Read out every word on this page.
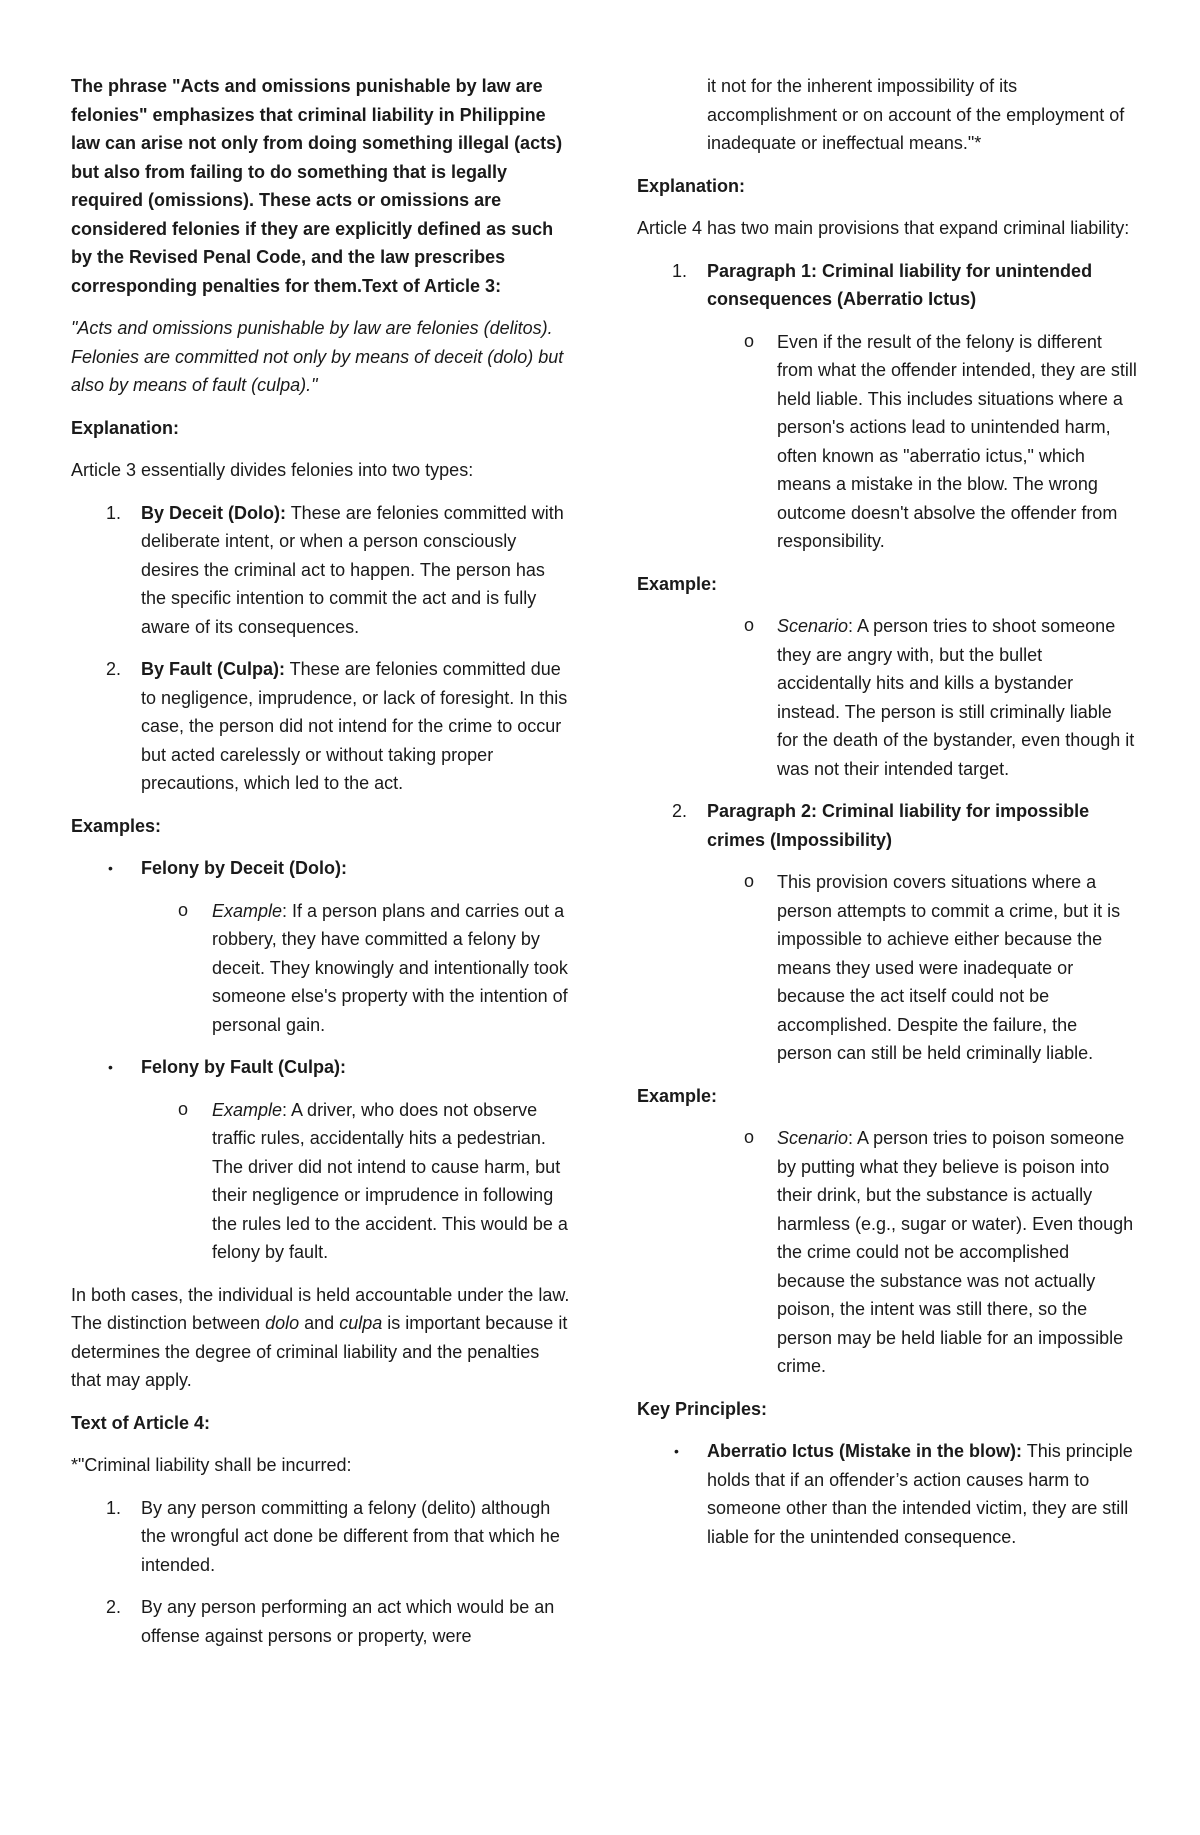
The phrase "Acts and omissions punishable by law are felonies" emphasizes that criminal liability in Philippine law can arise not only from doing something illegal (acts) but also from failing to do something that is legally required (omissions). These acts or omissions are considered felonies if they are explicitly defined as such by the Revised Penal Code, and the law prescribes corresponding penalties for them.Text of Article 3:

"Acts and omissions punishable by law are felonies (delitos). Felonies are committed not only by means of deceit (dolo) but also by means of fault (culpa)."

Explanation:

Article 3 essentially divides felonies into two types:

1. By Deceit (Dolo): These are felonies committed with deliberate intent, or when a person consciously desires the criminal act to happen. The person has the specific intention to commit the act and is fully aware of its consequences.
2. By Fault (Culpa): These are felonies committed due to negligence, imprudence, or lack of foresight. In this case, the person did not intend for the crime to occur but acted carelessly or without taking proper precautions, which led to the act.
Examples:
• Felony by Deceit (Dolo):
o Example: If a person plans and carries out a robbery, they have committed a felony by deceit. They knowingly and intentionally took someone else's property with the intention of personal gain.
• Felony by Fault (Culpa):
o Example: A driver, who does not observe traffic rules, accidentally hits a pedestrian. The driver did not intend to cause harm, but their negligence or imprudence in following the rules led to the accident. This would be a felony by fault.

In both cases, the individual is held accountable under the law. The distinction between dolo and culpa is important because it determines the degree of criminal liability and the penalties that may apply.

Text of Article 4:

*"Criminal liability shall be incurred:

1. By any person committing a felony (delito) although the wrongful act done be different from that which he intended.
2. By any person performing an act which would be an offense against persons or property, were

it not for the inherent impossibility of its accomplishment or on account of the employment of inadequate or ineffectual means."*

Explanation:

Article 4 has two main provisions that expand criminal liability:

1. Paragraph 1: Criminal liability for unintended consequences (Aberratio Ictus)
o Even if the result of the felony is different from what the offender intended, they are still held liable. This includes situations where a person's actions lead to unintended harm, often known as "aberratio ictus," which means a mistake in the blow. The wrong outcome doesn't absolve the offender from responsibility.
Example:
o Scenario: A person tries to shoot someone they are angry with, but the bullet accidentally hits and kills a bystander instead. The person is still criminally liable for the death of the bystander, even though it was not their intended target.
2. Paragraph 2: Criminal liability for impossible crimes (Impossibility)
o This provision covers situations where a person attempts to commit a crime, but it is impossible to achieve either because the means they used were inadequate or because the act itself could not be accomplished. Despite the failure, the person can still be held criminally liable.
Example:
o Scenario: A person tries to poison someone by putting what they believe is poison into their drink, but the substance is actually harmless (e.g., sugar or water). Even though the crime could not be accomplished because the substance was not actually poison, the intent was still there, so the person may be held liable for an impossible crime.
Key Principles:
• Aberratio Ictus (Mistake in the blow): This principle holds that if an offender’s action causes harm to someone other than the intended victim, they are still liable for the unintended consequence.
